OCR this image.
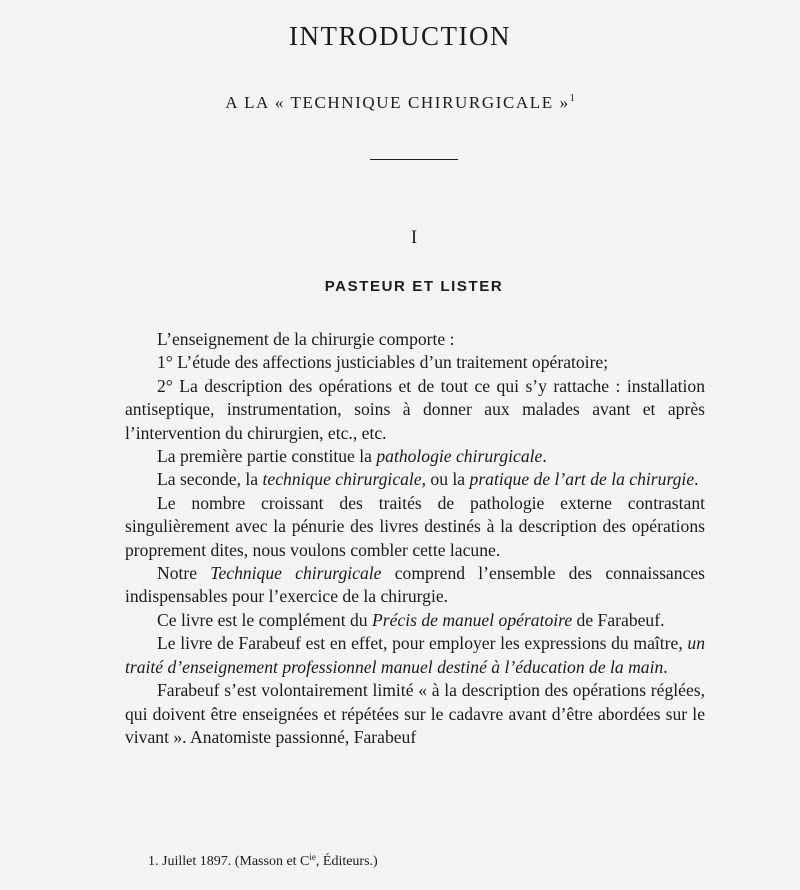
INTRODUCTION
A LA « TECHNIQUE CHIRURGICALE »$^1$
I
PASTEUR ET LISTER

L’enseignement de la chirurgie comporte :

1° L’étude des affections justiciables d’un traitement opératoire;

2° La description des opérations et de tout ce qui s’y rattache : installation antiseptique, instrumentation, soins à donner aux malades avant et après l’intervention du chirurgien, etc., etc.

La première partie constitue la pathologie chirurgicale.

La seconde, la technique chirurgicale, ou la pratique de l’art de la chirurgie.

Le nombre croissant des traités de pathologie externe contrastant singulièrement avec la pénurie des livres destinés à la description des opérations proprement dites, nous voulons combler cette lacune.

Notre Technique chirurgicale comprend l’ensemble des connaissances indispensables pour l’exercice de la chirurgie.

Ce livre est le complément du Précis de manuel opératoire de Farabeuf.

Le livre de Farabeuf est en effet, pour employer les expressions du maître, un traité d’enseignement professionnel manuel destiné à l’éducation de la main.

Farabeuf s’est volontairement limité « à la description des opérations réglées, qui doivent être enseignées et répétées sur le cadavre avant d’être abordées sur le vivant ». Anatomiste passionné, Farabeuf

1. Juillet 1897. (Masson et $C^{ie}$, Éditeurs.)
